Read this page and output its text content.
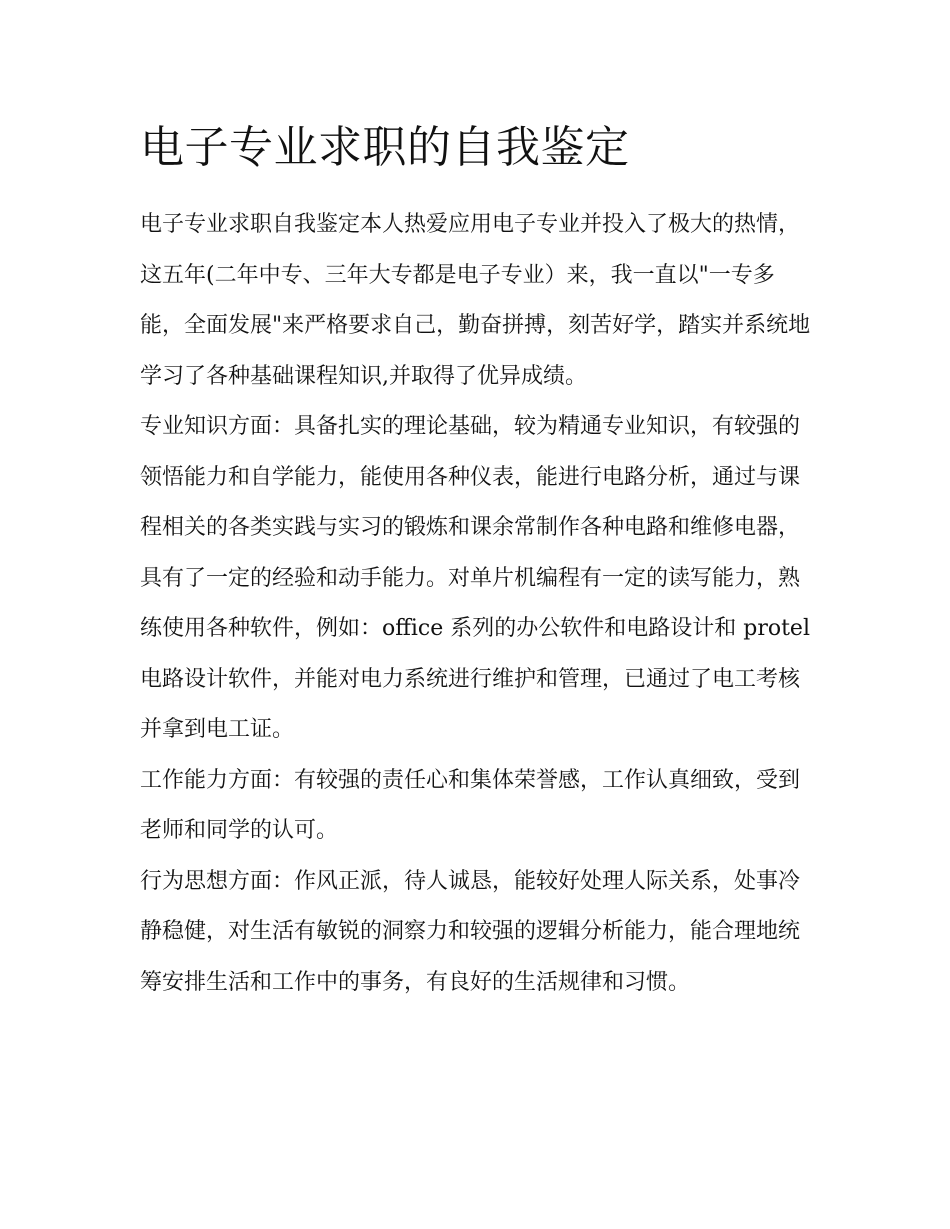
电子专业求职的自我鉴定

电子专业求职自我鉴定本人热爱应用电子专业并投入了极大的热情，这五年(二年中专、三年大专都是电子专业）来，我一直以"一专多能，全面发展"来严格要求自己，勤奋拼搏，刻苦好学，踏实并系统地学习了各种基础课程知识,并取得了优异成绩。

专业知识方面：具备扎实的理论基础，较为精通专业知识，有较强的领悟能力和自学能力，能使用各种仪表，能进行电路分析，通过与课程相关的各类实践与实习的锻炼和课余常制作各种电路和维修电器，具有了一定的经验和动手能力。对单片机编程有一定的读写能力，熟练使用各种软件，例如：office 系列的办公软件和电路设计和 protel 电路设计软件，并能对电力系统进行维护和管理，已通过了电工考核并拿到电工证。

工作能力方面：有较强的责任心和集体荣誉感，工作认真细致，受到老师和同学的认可。

行为思想方面：作风正派，待人诚恳，能较好处理人际关系，处事冷静稳健，对生活有敏锐的洞察力和较强的逻辑分析能力，能合理地统筹安排生活和工作中的事务，有良好的生活规律和习惯。
